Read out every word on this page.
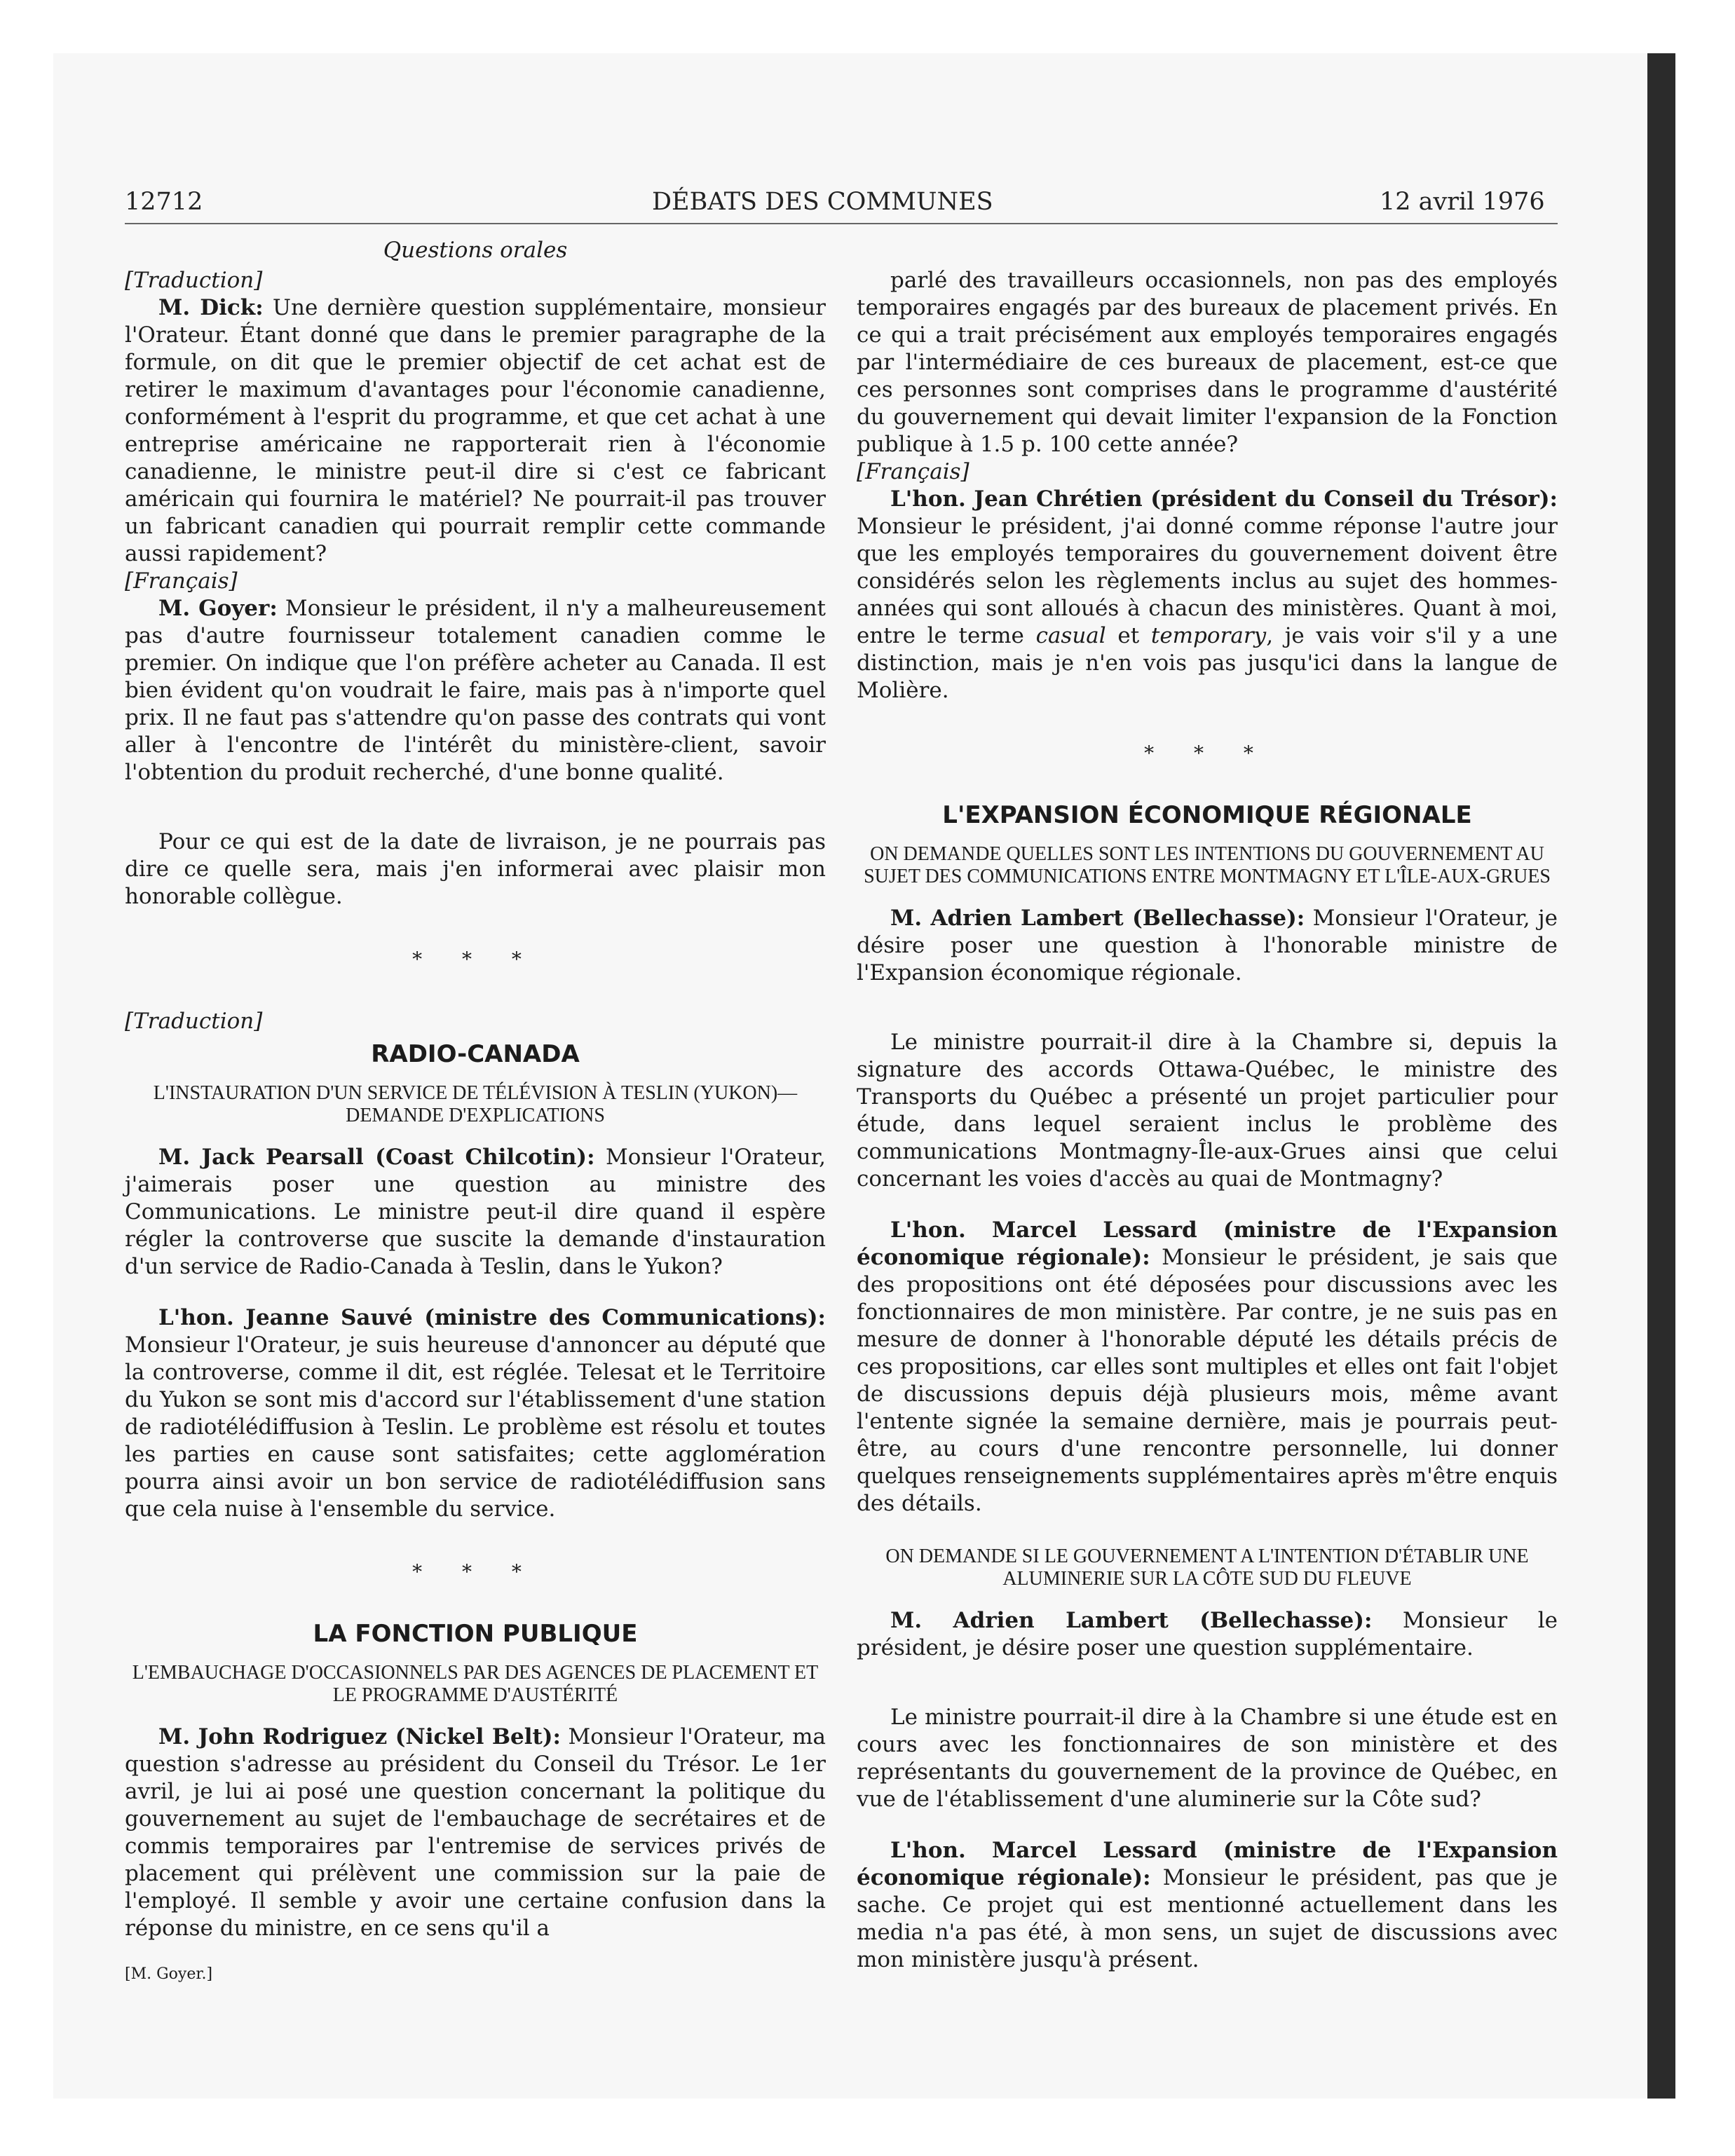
12712	DÉBATS DES COMMUNES	12 avril 1976

Questions orales

[Traduction]

M. Dick: Une dernière question supplémentaire, monsieur l'Orateur. Étant donné que dans le premier paragraphe de la formule, on dit que le premier objectif de cet achat est de retirer le maximum d'avantages pour l'économie canadienne, conformément à l'esprit du programme, et que cet achat à une entreprise américaine ne rapporterait rien à l'économie canadienne, le ministre peut-il dire si c'est ce fabricant américain qui fournira le matériel? Ne pourrait-il pas trouver un fabricant canadien qui pourrait remplir cette commande aussi rapidement?

[Français]

M. Goyer: Monsieur le président, il n'y a malheureusement pas d'autre fournisseur totalement canadien comme le premier. On indique que l'on préfère acheter au Canada. Il est bien évident qu'on voudrait le faire, mais pas à n'importe quel prix. Il ne faut pas s'attendre qu'on passe des contrats qui vont aller à l'encontre de l'intérêt du ministère-client, savoir l'obtention du produit recherché, d'une bonne qualité.

Pour ce qui est de la date de livraison, je ne pourrais pas dire ce quelle sera, mais j'en informerai avec plaisir mon honorable collègue.

* * *

[Traduction]

RADIO-CANADA

L'INSTAURATION D'UN SERVICE DE TÉLÉVISION À TESLIN (YUKON)—DEMANDE D'EXPLICATIONS

M. Jack Pearsall (Coast Chilcotin): Monsieur l'Orateur, j'aimerais poser une question au ministre des Communications. Le ministre peut-il dire quand il espère régler la controverse que suscite la demande d'instauration d'un service de Radio-Canada à Teslin, dans le Yukon?

L'hon. Jeanne Sauvé (ministre des Communications): Monsieur l'Orateur, je suis heureuse d'annoncer au député que la controverse, comme il dit, est réglée. Telesat et le Territoire du Yukon se sont mis d'accord sur l'établissement d'une station de radiotélédiffusion à Teslin. Le problème est résolu et toutes les parties en cause sont satisfaites; cette agglomération pourra ainsi avoir un bon service de radiotélédiffusion sans que cela nuise à l'ensemble du service.

* * *
LA FONCTION PUBLIQUE

L'EMBAUCHAGE D'OCCASIONNELS PAR DES AGENCES DE PLACEMENT ET LE PROGRAMME D'AUSTÉRITÉ

M. John Rodriguez (Nickel Belt): Monsieur l'Orateur, ma question s'adresse au président du Conseil du Trésor. Le 1er avril, je lui ai posé une question concernant la politique du gouvernement au sujet de l'embauchage de secrétaires et de commis temporaires par l'entremise de services privés de placement qui prélèvent une commission sur la paie de l'employé. Il semble y avoir une certaine confusion dans la réponse du ministre, en ce sens qu'il a

[M. Goyer.]

parlé des travailleurs occasionnels, non pas des employés temporaires engagés par des bureaux de placement privés. En ce qui a trait précisément aux employés temporaires engagés par l'intermédiaire de ces bureaux de placement, est-ce que ces personnes sont comprises dans le programme d'austérité du gouvernement qui devait limiter l'expansion de la Fonction publique à 1.5 p. 100 cette année?

[Français]

L'hon. Jean Chrétien (président du Conseil du Trésor): Monsieur le président, j'ai donné comme réponse l'autre jour que les employés temporaires du gouvernement doivent être considérés selon les règlements inclus au sujet des hommes-années qui sont alloués à chacun des ministères. Quant à moi, entre le terme casual et temporary, je vais voir s'il y a une distinction, mais je n'en vois pas jusqu'ici dans la langue de Molière.

* * *
L'EXPANSION ÉCONOMIQUE RÉGIONALE

ON DEMANDE QUELLES SONT LES INTENTIONS DU GOUVERNEMENT AU SUJET DES COMMUNICATIONS ENTRE MONTMAGNY ET L'ÎLE-AUX-GRUES

M. Adrien Lambert (Bellechasse): Monsieur l'Orateur, je désire poser une question à l'honorable ministre de l'Expansion économique régionale.

Le ministre pourrait-il dire à la Chambre si, depuis la signature des accords Ottawa-Québec, le ministre des Transports du Québec a présenté un projet particulier pour étude, dans lequel seraient inclus le problème des communications Montmagny-Île-aux-Grues ainsi que celui concernant les voies d'accès au quai de Montmagny?

L'hon. Marcel Lessard (ministre de l'Expansion économique régionale): Monsieur le président, je sais que des propositions ont été déposées pour discussions avec les fonctionnaires de mon ministère. Par contre, je ne suis pas en mesure de donner à l'honorable député les détails précis de ces propositions, car elles sont multiples et elles ont fait l'objet de discussions depuis déjà plusieurs mois, même avant l'entente signée la semaine dernière, mais je pourrais peut-être, au cours d'une rencontre personnelle, lui donner quelques renseignements supplémentaires après m'être enquis des détails.

ON DEMANDE SI LE GOUVERNEMENT A L'INTENTION D'ÉTABLIR UNE ALUMINERIE SUR LA CÔTE SUD DU FLEUVE

M. Adrien Lambert (Bellechasse): Monsieur le président, je désire poser une question supplémentaire.

Le ministre pourrait-il dire à la Chambre si une étude est en cours avec les fonctionnaires de son ministère et des représentants du gouvernement de la province de Québec, en vue de l'établissement d'une aluminerie sur la Côte sud?

L'hon. Marcel Lessard (ministre de l'Expansion économique régionale): Monsieur le président, pas que je sache. Ce projet qui est mentionné actuellement dans les media n'a pas été, à mon sens, un sujet de discussions avec mon ministère jusqu'à présent.
